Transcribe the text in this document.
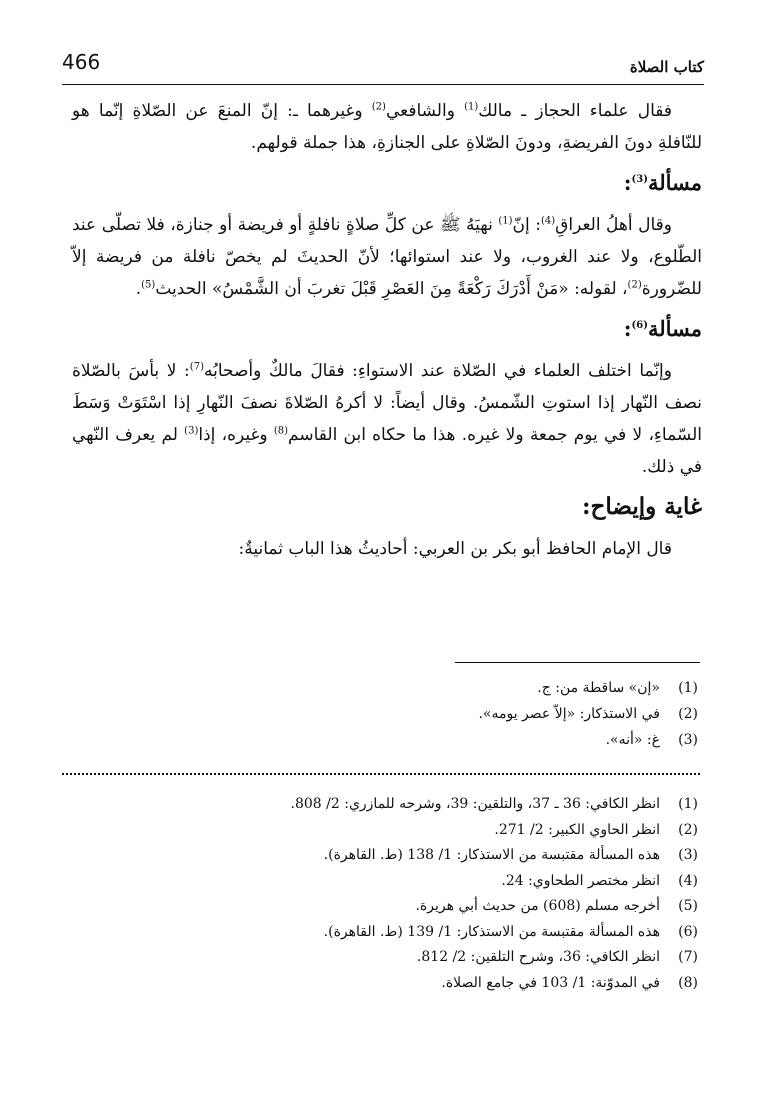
466	كتاب الصلاة

فقال علماء الحجاز ـ مالك$^{(1)}$ والشافعي$^{(2)}$ وغيرهما ـ: إنّ المنعَ عن الصّلاةِ إنّما هو للنّافلةِ دونَ الفريضةِ، ودونَ الصّلاةِ على الجنازةِ، هذا جملة قولهم.

مسألة$^{(3)}$:

وقال أهلُ العراقِ$^{(4)}$: إنّ$^{(1)}$ نهيَهُ ﷺ عن كلِّ صلاةٍ نافلةٍ أو فريضة أو جنازة، فلا تصلّى عند الطّلوع، ولا عند الغروب، ولا عند استوائها؛ لأنّ الحديثَ لم يخصّ نافلة من فريضة إلاّ للضّرورة$^{(2)}$، لقوله: «مَنْ أَدْرَكَ رَكْعَةً مِنَ العَصْرِ قَبْلَ تغربَ أن الشَّمْسُ» الحديث$^{(5)}$.

مسألة$^{(6)}$:

وإنّما اختلف العلماء في الصّلاة عند الاستواءِ: فقالَ مالكٌ وأصحابُه$^{(7)}$: لا بأسَ بالصّلاة نصف النّهار إذا استوتِ الشّمسُ. وقال أيضاً: لا أكرهُ الصّلاةَ نصفَ النّهارِ إذا اسْتَوَتْ وَسَطَ السّماءِ، لا في يوم جمعة ولا غيره. هذا ما حكاه ابن القاسم$^{(8)}$ وغيره، إذا$^{(3)}$ لم يعرف النّهي في ذلك.

غاية وإيضاح:

قال الإمام الحافظ أبو بكر بن العربي: أحاديثُ هذا الباب ثمانيةٌ:

(1)
«إن» ساقطة من: ج.
(2)
في الاستذكار: «إلاّ عصر يومه».
(3)
غ: «أنه».
(1)
انظر الكافي: 36 ـ 37، والتلقين: 39، وشرحه للمازري: 2/ 808.
(2)
انظر الحاوي الكبير: 2/ 271.
(3)
هذه المسألة مقتبسة من الاستذكار: 1/ 138 (ط. القاهرة).
(4)
انظر مختصر الطحاوي: 24.
(5)
أخرجه مسلم (608) من حديث أبي هريرة.
(6)
هذه المسألة مقتبسة من الاستذكار: 1/ 139 (ط. القاهرة).
(7)
انظر الكافي: 36، وشرح التلقين: 2/ 812.
(8)
في المدوّنة: 1/ 103 في جامع الصلاة.
